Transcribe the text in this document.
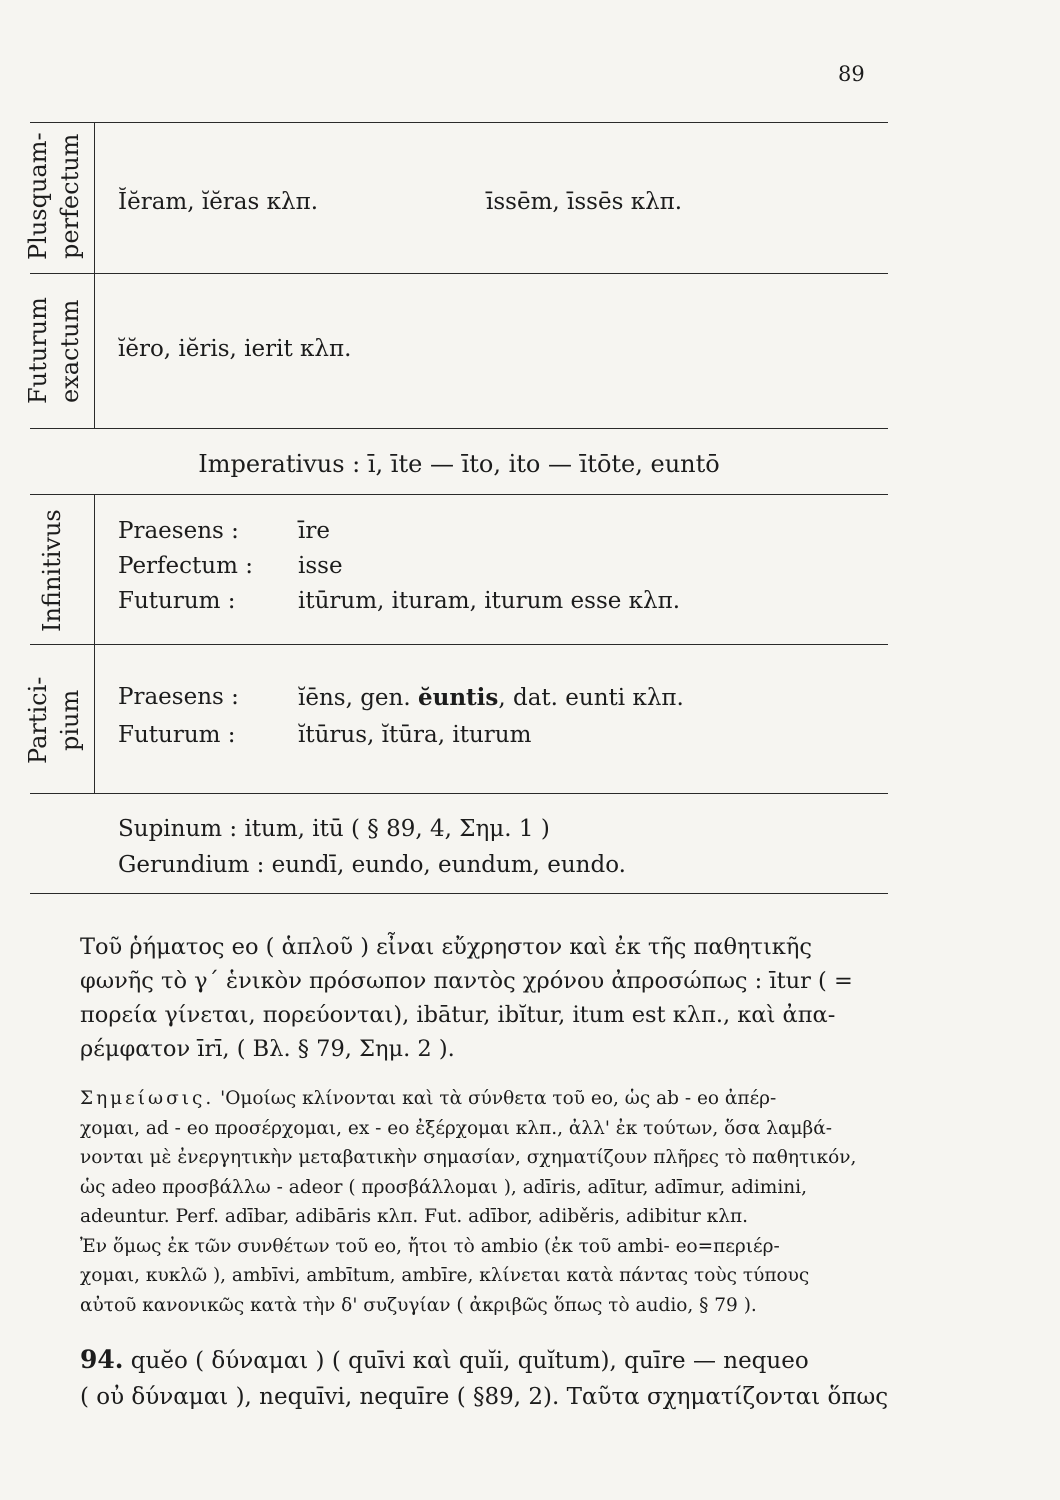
89
Plusquam- perfectum Ĭĕram, ĭĕras κλπ.	īssēm, īssēs κλπ.
Futurum exactum ĭĕro, iĕris, ierit κλπ.
Imperativus : ī, īte — īto, ito — ītōte, euntō
Infinitivus Praesens :	īre
Perfectum : isse
Futurum :	itūrum, ituram, iturum esse κλπ.
Partici- pium Praesens :	ĭēns, gen. ĕuntis, dat. eunti κλπ.
Futurum :	ĭtūrus, ĭtūra, iturum
Supinum : itum, itū ( § 89, 4, Σημ. 1 )
Gerundium : eundī, eundo, eundum, eundo.
Τοῦ ῥήματος eo ( ἁπλοῦ ) εἶναι εὔχρηστον καὶ ἐκ τῆς παθητικῆς
φωνῆς τὸ γ΄ ἑνικὸν πρόσωπον παντὸς χρόνου ἀπροσώπως : ītur ( =
πορεία γίνεται, πορεύονται), ibātur, ibĭtur, itum est κλπ., καὶ ἀπα-
ρέμφατον īrī, ( Βλ. § 79, Σημ. 2 ).
Σημείωσις. 'Ομοίως κλίνονται καὶ τὰ σύνθετα τοῦ eo, ὡς ab - eo ἀπέρ-
χομαι, ad - eo προσέρχομαι, ex - eo ἐξέρχομαι κλπ., ἀλλ' ἐκ τούτων, ὅσα λαμβά-
νονται μὲ ἐνεργητικὴν μεταβατικὴν σημασίαν, σχηματίζουν πλῆρες τὸ παθητικόν,
ὡς adeo προσβάλλω - adeor ( προσβάλλομαι ), adīris, adītur, adīmur, adimini,
adeuntur. Perf. adībar, adibāris κλπ. Fut. adībor, adiběris, adibitur κλπ.
Ἐν ὅμως ἐκ τῶν συνθέτων τοῦ eo, ἤτοι τὸ ambio (ἐκ τοῦ ambi- eo=περιέρ-
χομαι, κυκλῶ ), ambīvi, ambītum, ambīre, κλίνεται κατὰ πάντας τοὺς τύπους
αὐτοῦ κανονικῶς κατὰ τὴν δ' συζυγίαν ( ἀκριβῶς ὅπως τὸ audio, § 79 ).
94. quĕo ( δύναμαι ) ( quīvi καὶ quĭi, quĭtum), quīre — nequeo
( οὐ δύναμαι ), nequīvi, nequīre ( §89, 2). Ταῦτα σχηματίζονται ὅπως
